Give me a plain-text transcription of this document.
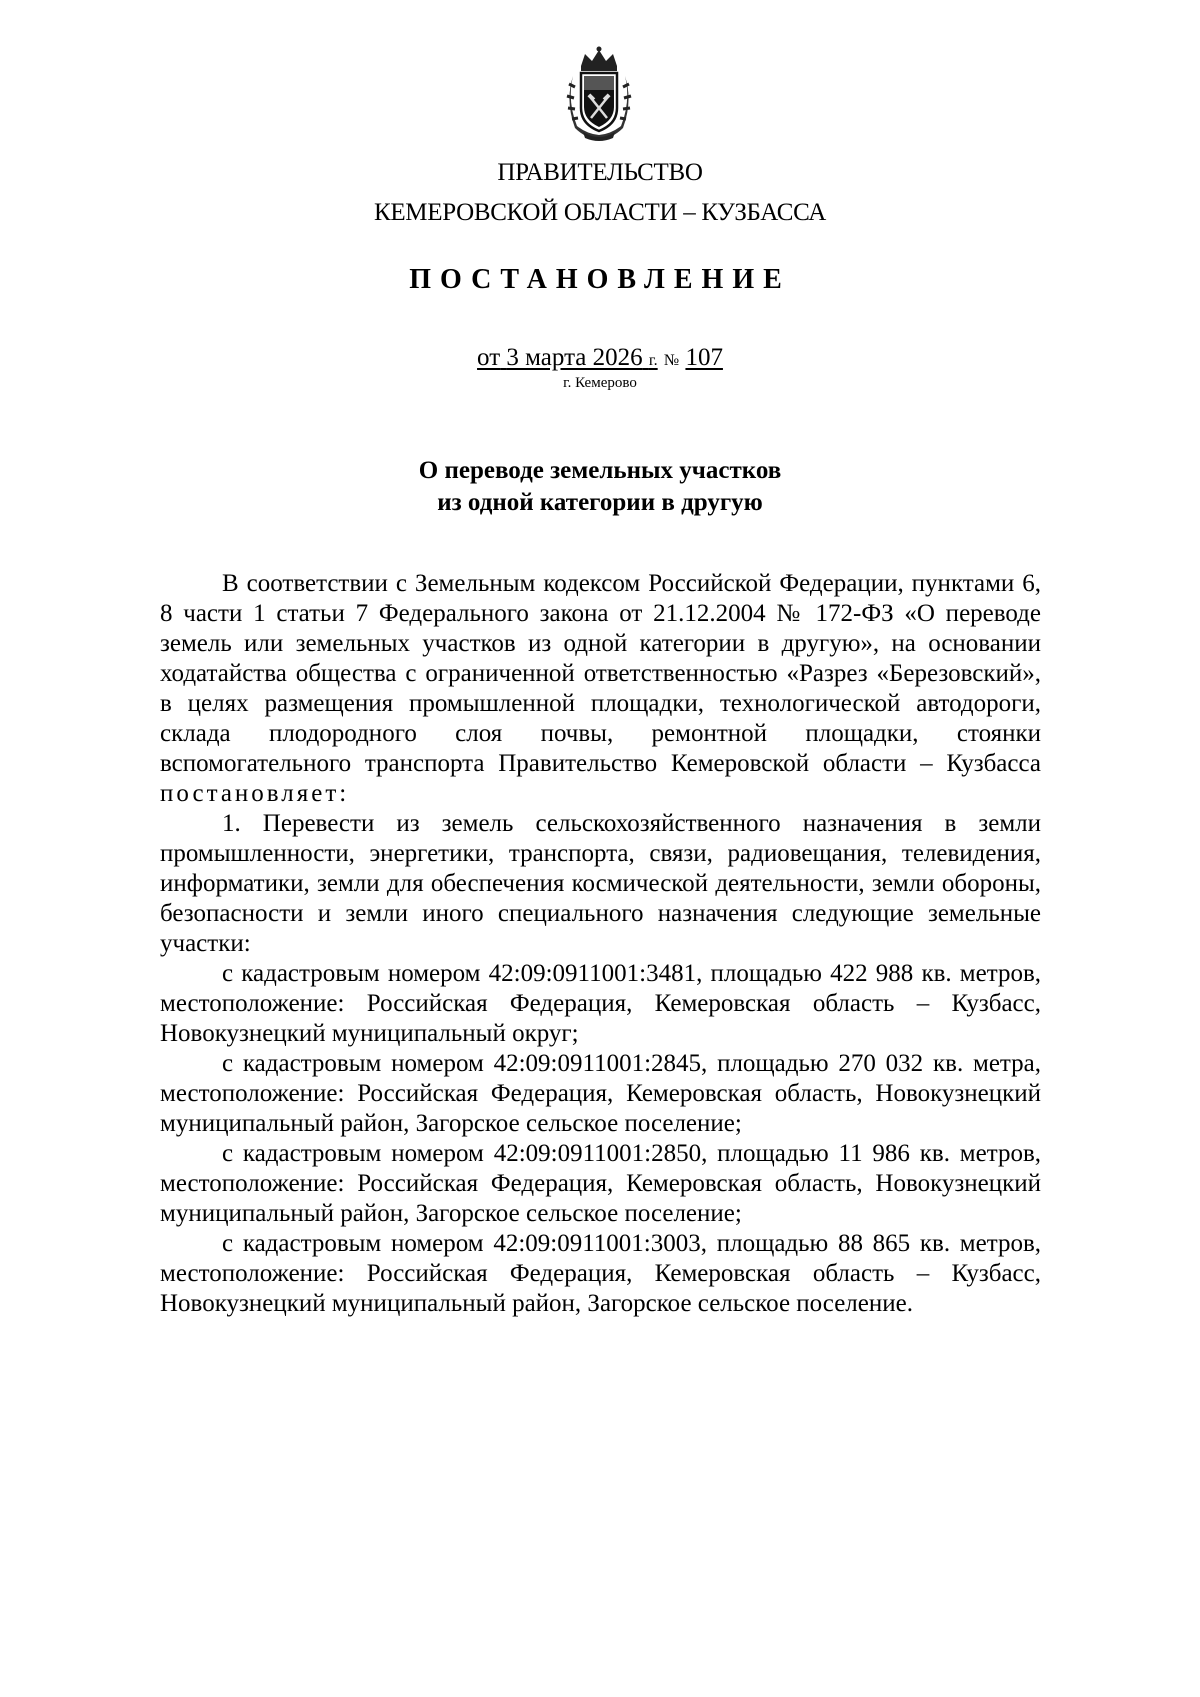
ПРАВИТЕЛЬСТВО
КЕМЕРОВСКОЙ ОБЛАСТИ – КУЗБАССА
ПОСТАНОВЛЕНИЕ
от 3 марта 2026 г. № 107
г. Кемерово
О переводе земельных участков
из одной категории в другую

В соответствии с Земельным кодексом Российской Федерации, пунктами 6, 8 части 1 статьи 7 Федерального закона от 21.12.2004 № 172-ФЗ «О переводе земель или земельных участков из одной категории в другую», на основании ходатайства общества с ограниченной ответственностью «Разрез «Березовский», в целях размещения промышленной площадки, технологической автодороги, склада плодородного слоя почвы, ремонтной площадки, стоянки вспомогательного транспорта Правительство Кемеровской области – Кузбасса постановляет:

1. Перевести из земель сельскохозяйственного назначения в земли промышленности, энергетики, транспорта, связи, радиовещания, телевидения, информатики, земли для обеспечения космической деятельности, земли обороны, безопасности и земли иного специального назначения следующие земельные участки:

с кадастровым номером 42:09:0911001:3481, площадью 422 988 кв. метров, местоположение: Российская Федерация, Кемеровская область – Кузбасс, Новокузнецкий муниципальный округ;

с кадастровым номером 42:09:0911001:2845, площадью 270 032 кв. метра, местоположение: Российская Федерация, Кемеровская область, Новокузнецкий муниципальный район, Загорское сельское поселение;

с кадастровым номером 42:09:0911001:2850, площадью 11 986 кв. метров, местоположение: Российская Федерация, Кемеровская область, Новокузнецкий муниципальный район, Загорское сельское поселение;

с кадастровым номером 42:09:0911001:3003, площадью 88 865 кв. метров, местоположение: Российская Федерация, Кемеровская область – Кузбасс, Новокузнецкий муниципальный район, Загорское сельское поселение.
